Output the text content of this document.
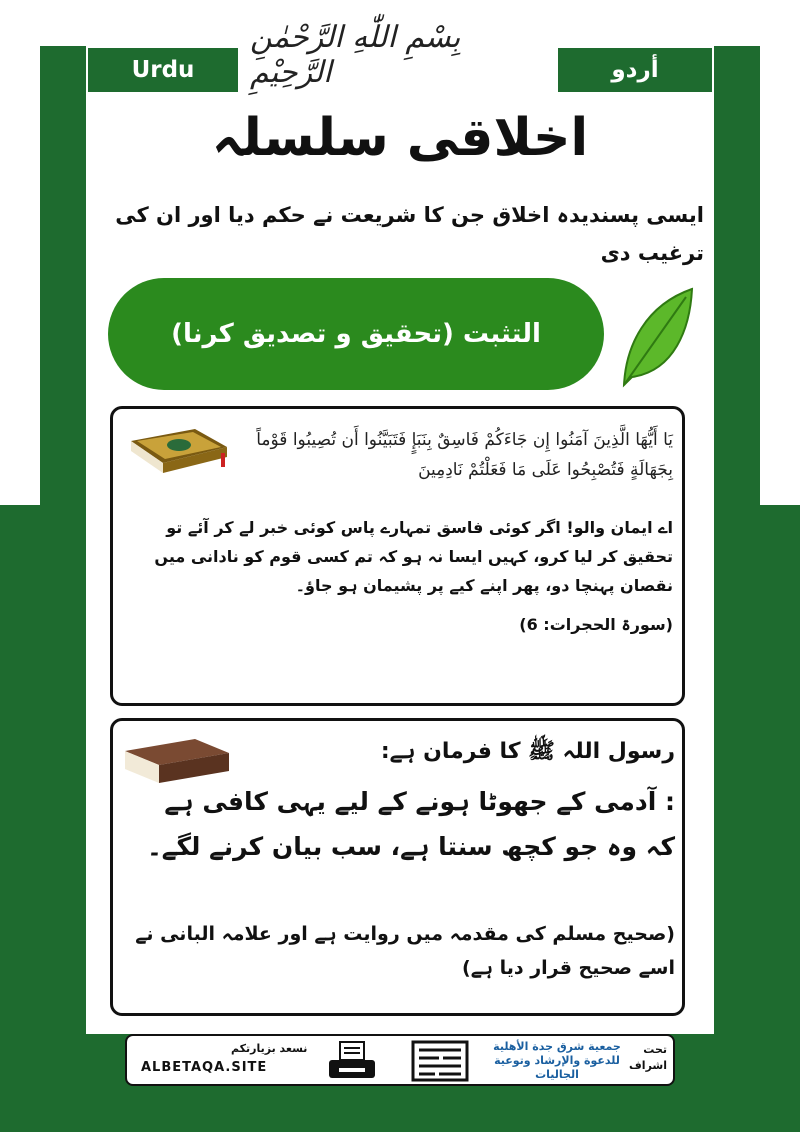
Urdu	أردو
بِسْمِ اللّٰهِ الرَّحْمٰنِ الرَّحِيْمِ
اخلاقی سلسلہ
ایسی پسندیدہ اخلاق جن کا شریعت نے حکم دیا اور ان کی ترغیب دی
التثبت (تحقیق و تصدیق کرنا)
يَا أَيُّهَا الَّذِينَ آمَنُوا إِن جَاءَكُمْ فَاسِقٌ بِنَبَإٍ فَتَبَيَّنُوا أَن تُصِيبُوا قَوْماً بِجَهَالَةٍ فَتُصْبِحُوا عَلَى مَا فَعَلْتُمْ نَادِمِينَ
اے ایمان والو! اگر کوئی فاسق تمہارے پاس کوئی خبر لے کر آئے تو تحقیق کر لیا کرو، کہیں ایسا نہ ہو کہ تم کسی قوم کو نادانی میں نقصان پہنچا دو، پھر اپنے کیے پر پشیمان ہو جاؤ۔
(سورۃ الحجرات: 6)
رسول اللہ ﷺ کا فرمان ہے:
: آدمی کے جھوٹا ہونے کے لیے یہی کافی ہے کہ وہ جو کچھ سنتا ہے، سب بیان کرنے لگے۔
(صحیح مسلم کی مقدمہ میں روایت ہے اور علامہ البانی نے اسے صحیح قرار دیا ہے)
نسعد بزيارتكم
ALBETAQA.SITE
جمعية شرق جدة الأهلية للدعوة والإرشاد وتوعية الجاليات
تحت اشراف
